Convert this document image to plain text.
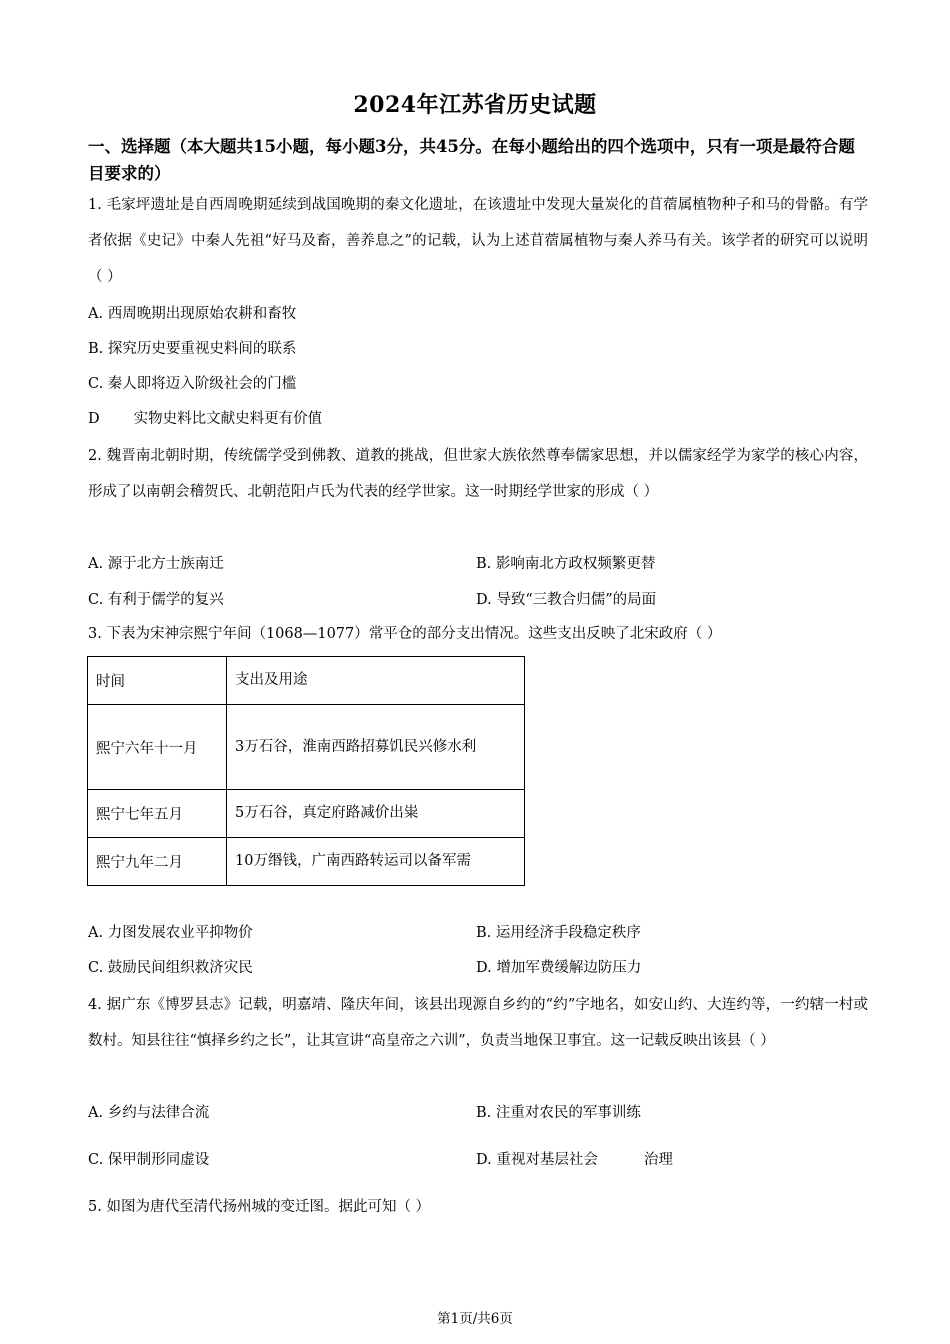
2024年江苏省历史试题
一、选择题（本大题共15小题，每小题3分，共45分。在每小题给出的四个选项中，只有一项是最符合题目要求的）
1. 毛家坪遗址是自西周晚期延续到战国晚期的秦文化遗址，在该遗址中发现大量炭化的苜蓿属植物种子和马的骨骼。有学者依据《史记》中秦人先祖“好马及畜，善养息之”的记载，认为上述苜蓿属植物与秦人养马有关。该学者的研究可以说明（ ）
A. 西周晚期出现原始农耕和畜牧
B. 探究历史要重视史料间的联系
C. 秦人即将迈入阶级社会的门槛
D 实物史料比文献史料更有价值
2. 魏晋南北朝时期，传统儒学受到佛教、道教的挑战，但世家大族依然尊奉儒家思想，并以儒家经学为家学的核心内容，形成了以南朝会稽贺氏、北朝范阳卢氏为代表的经学世家。这一时期经学世家的形成（ ）
A. 源于北方士族南迁	B. 影响南北方政权频繁更替
C. 有利于儒学的复兴	D. 导致“三教合归儒”的局面
3. 下表为宋神宗熙宁年间（1068—1077）常平仓的部分支出情况。这些支出反映了北宋政府（ ）
时间	支出及用途
熙宁六年十一月	3万石谷，淮南西路招募饥民兴修水利
熙宁七年五月	5万石谷，真定府路减价出粜
熙宁九年二月	10万缗钱，广南西路转运司以备军需
A. 力图发展农业平抑物价	B. 运用经济手段稳定秩序
C. 鼓励民间组织救济灾民	D. 增加军费缓解边防压力
4. 据广东《博罗县志》记载，明嘉靖、隆庆年间，该县出现源自乡约的“约”字地名，如安山约、大连约等，一约辖一村或数村。知县往往“慎择乡约之长”，让其宣讲“高皇帝之六训”，负责当地保卫事宜。这一记载反映出该县（ ）
A. 乡约与法律合流	B. 注重对农民的军事训练
C. 保甲制形同虚设	D. 重视对基层社会	治理
5. 如图为唐代至清代扬州城的变迁图。据此可知（ ）
第1页/共6页
